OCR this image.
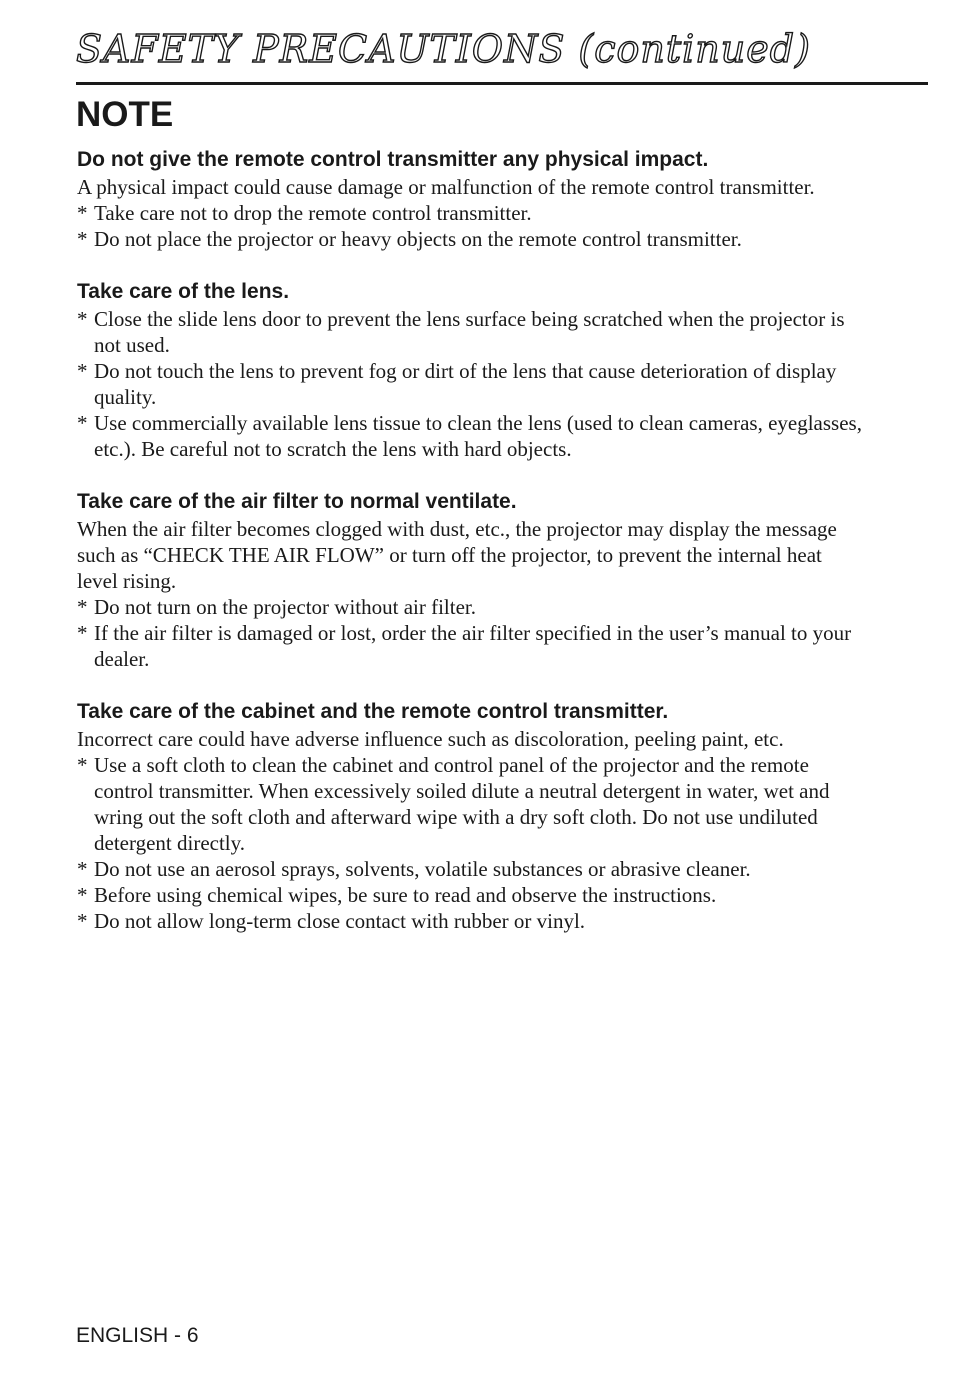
SAFETY PRECAUTIONS (continued)
NOTE
Do not give the remote control transmitter any physical impact.

A physical impact could cause damage or malfunction of the remote control transmitter.

* Take care not to drop the remote control transmitter.

* Do not place the projector or heavy objects on the remote control transmitter.

Take care of the lens.

* Close the slide lens door to prevent the lens surface being scratched when the projector is not used.

* Do not touch the lens to prevent fog or dirt of the lens that cause deterioration of display quality.

* Use commercially available lens tissue to clean the lens (used to clean cameras, eyeglasses, etc.). Be careful not to scratch the lens with hard objects.

Take care of the air filter to normal ventilate.

When the air filter becomes clogged with dust, etc., the projector may display the message such as “CHECK THE AIR FLOW” or turn off the projector, to prevent the internal heat level rising.

* Do not turn on the projector without air filter.

* If the air filter is damaged or lost, order the air filter specified in the user’s manual to your dealer.

Take care of the cabinet and the remote control transmitter.

Incorrect care could have adverse influence such as discoloration, peeling paint, etc.

* Use a soft cloth to clean the cabinet and control panel of the projector and the remote control transmitter. When excessively soiled dilute a neutral detergent in water, wet and wring out the soft cloth and afterward wipe with a dry soft cloth. Do not use undiluted detergent directly.

* Do not use an aerosol sprays, solvents, volatile substances or abrasive cleaner.

* Before using chemical wipes, be sure to read and observe the instructions.

* Do not allow long-term close contact with rubber or vinyl.

ENGLISH - 6
